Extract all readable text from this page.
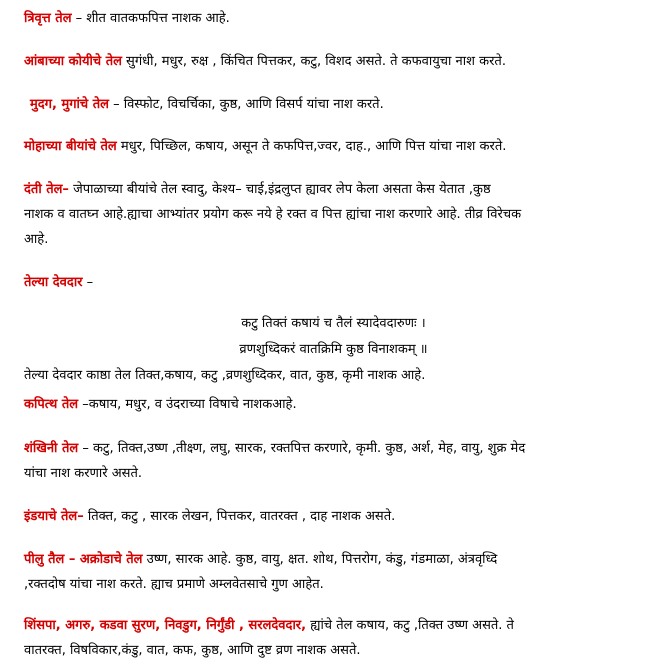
त्रिवृत्त तेल – शीत वातकफपित्त नाशक आहे.
आंबाच्या कोयीचे तेल सुगंधी, मधुर, रुक्ष , किंचित पित्तकर, कटु, विशद असते. ते कफवायुचा नाश करते.
मुदग, मुगांचे तेल – विस्फोट, विचर्चिका, कुष्ठ, आणि विसर्प यांचा नाश करते.
मोहाच्या बीयांचे तेल मधुर, पिच्छिल, कषाय, असून ते कफपित्त,ज्वर, दाह., आणि पित्त यांचा नाश करते.
दंती तेल– जेपाळाच्या बीयांचे तेल स्वादु, केश्य– चाई,इंद्रलुप्त ह्यावर लेप केला असता केस येतात ,कुष्ठ
नाशक व वातघ्न आहे.ह्याचा आभ्यांतर प्रयोग करू नये हे रक्त व पित्त ह्यांचा नाश करणारे आहे. तीव्र विरेचक
आहे.
तेल्या देवदार –
कटु तिक्तं कषायं च तैलं स्यादेवदारुणः ।
व्रणशुध्दिकरं वातक्रिमि कुष्ठ विनाशकम् ॥
तेल्या देवदार काष्ठा तेल तिक्त,कषाय, कटु ,व्रणशुध्दिकर, वात, कुष्ठ, कृमी नाशक आहे.
कपित्थ तेल –कषाय, मधुर, व उंदराच्या विषाचे नाशकआहे.
शंखिनी तेल – कटु, तिक्त,उष्ण ,तीक्ष्ण, लघु, सारक, रक्तपित्त करणारे, कृमी. कुष्ठ, अर्श, मेह, वायु, शुक्र मेद
यांचा नाश करणारे असते.
इंडयाचे तेल– तिक्त, कटु , सारक लेखन, पित्तकर, वातरक्त , दाह नाशक असते.
पीलु तैल – अक्रोडाचे तेल उष्ण, सारक आहे. कुष्ठ, वायु, क्षत. शोथ, पित्तरोग, कंडु, गंडमाळा, अंत्रवृध्दि
,रक्तदोष यांचा नाश करते. ह्याच प्रमाणे अम्लवेतसाचे गुण आहेत.
शिंसपा, अगरु, कडवा सुरण, निवडुग, निर्गुंडी , सरलदेवदार, ह्यांचे तेल कषाय, कटु ,तिक्त उष्ण असते. ते
वातरक्त, विषविकार,कंडु, वात, कफ, कुष्ठ, आणि दुष्ट व्रण नाशक असते.
